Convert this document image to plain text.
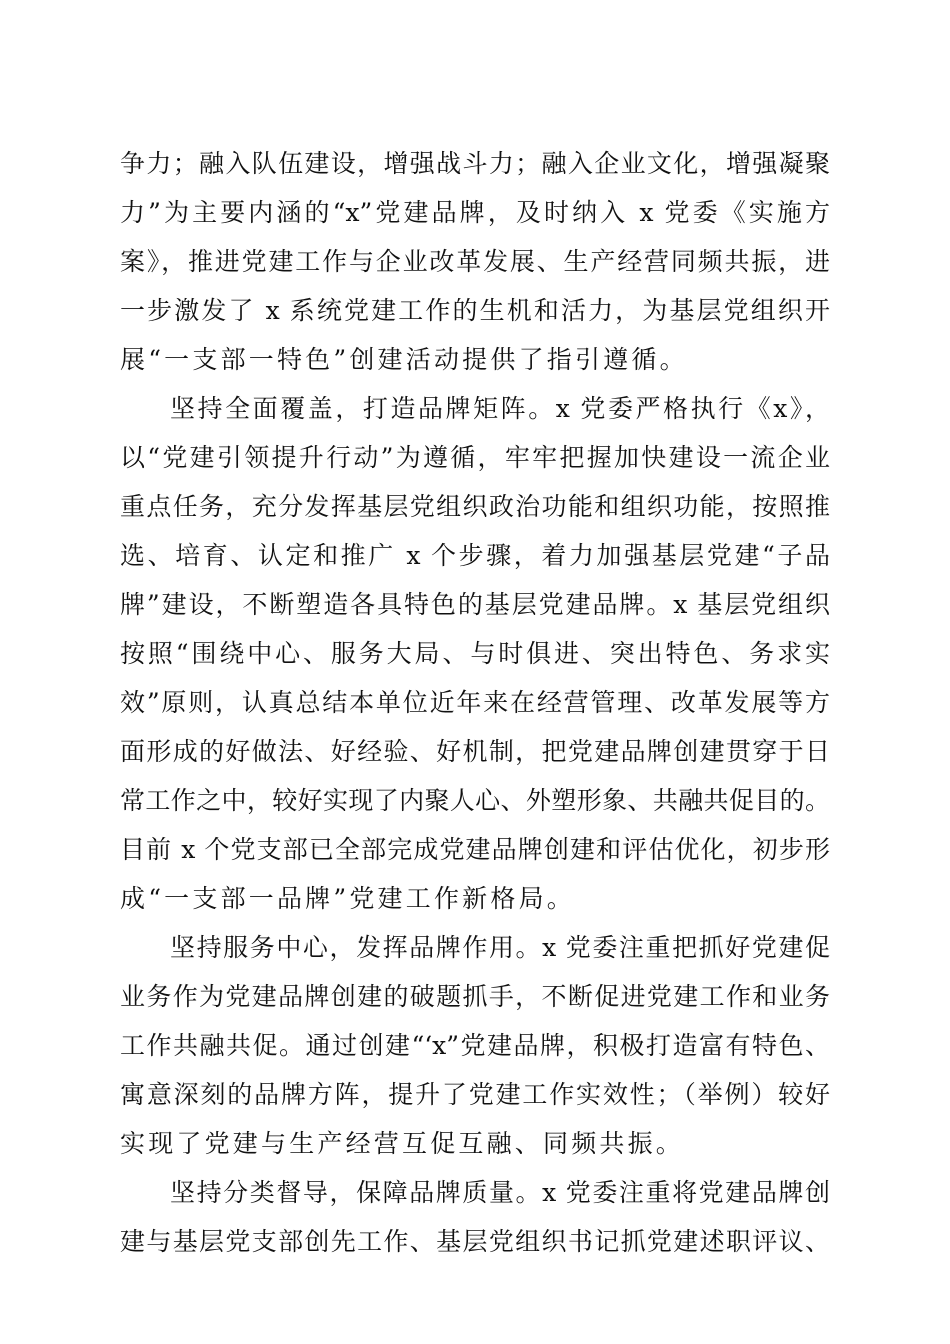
争力；融入队伍建设，增强战斗力；融入企业文化，增强凝聚
力”为主要内涵的“x”党建品牌，及时纳入 x 党委《实施方
案》，推进党建工作与企业改革发展、生产经营同频共振，进
一步激发了 x 系统党建工作的生机和活力，为基层党组织开
展“一支部一特色”创建活动提供了指引遵循。
坚持全面覆盖，打造品牌矩阵。x 党委严格执行《x》，
以“党建引领提升行动”为遵循，牢牢把握加快建设一流企业
重点任务，充分发挥基层党组织政治功能和组织功能，按照推
选、培育、认定和推广 x 个步骤，着力加强基层党建“子品
牌”建设，不断塑造各具特色的基层党建品牌。x 基层党组织
按照“围绕中心、服务大局、与时俱进、突出特色、务求实
效”原则，认真总结本单位近年来在经营管理、改革发展等方
面形成的好做法、好经验、好机制，把党建品牌创建贯穿于日
常工作之中，较好实现了内聚人心、外塑形象、共融共促目的。
目前 x 个党支部已全部完成党建品牌创建和评估优化，初步形
成“一支部一品牌”党建工作新格局。
坚持服务中心，发挥品牌作用。x 党委注重把抓好党建促
业务作为党建品牌创建的破题抓手，不断促进党建工作和业务
工作共融共促。通过创建“‘x”党建品牌，积极打造富有特色、
寓意深刻的品牌方阵，提升了党建工作实效性；（举例）较好
实现了党建与生产经营互促互融、同频共振。
坚持分类督导，保障品牌质量。x 党委注重将党建品牌创
建与基层党支部创先工作、基层党组织书记抓党建述职评议、
